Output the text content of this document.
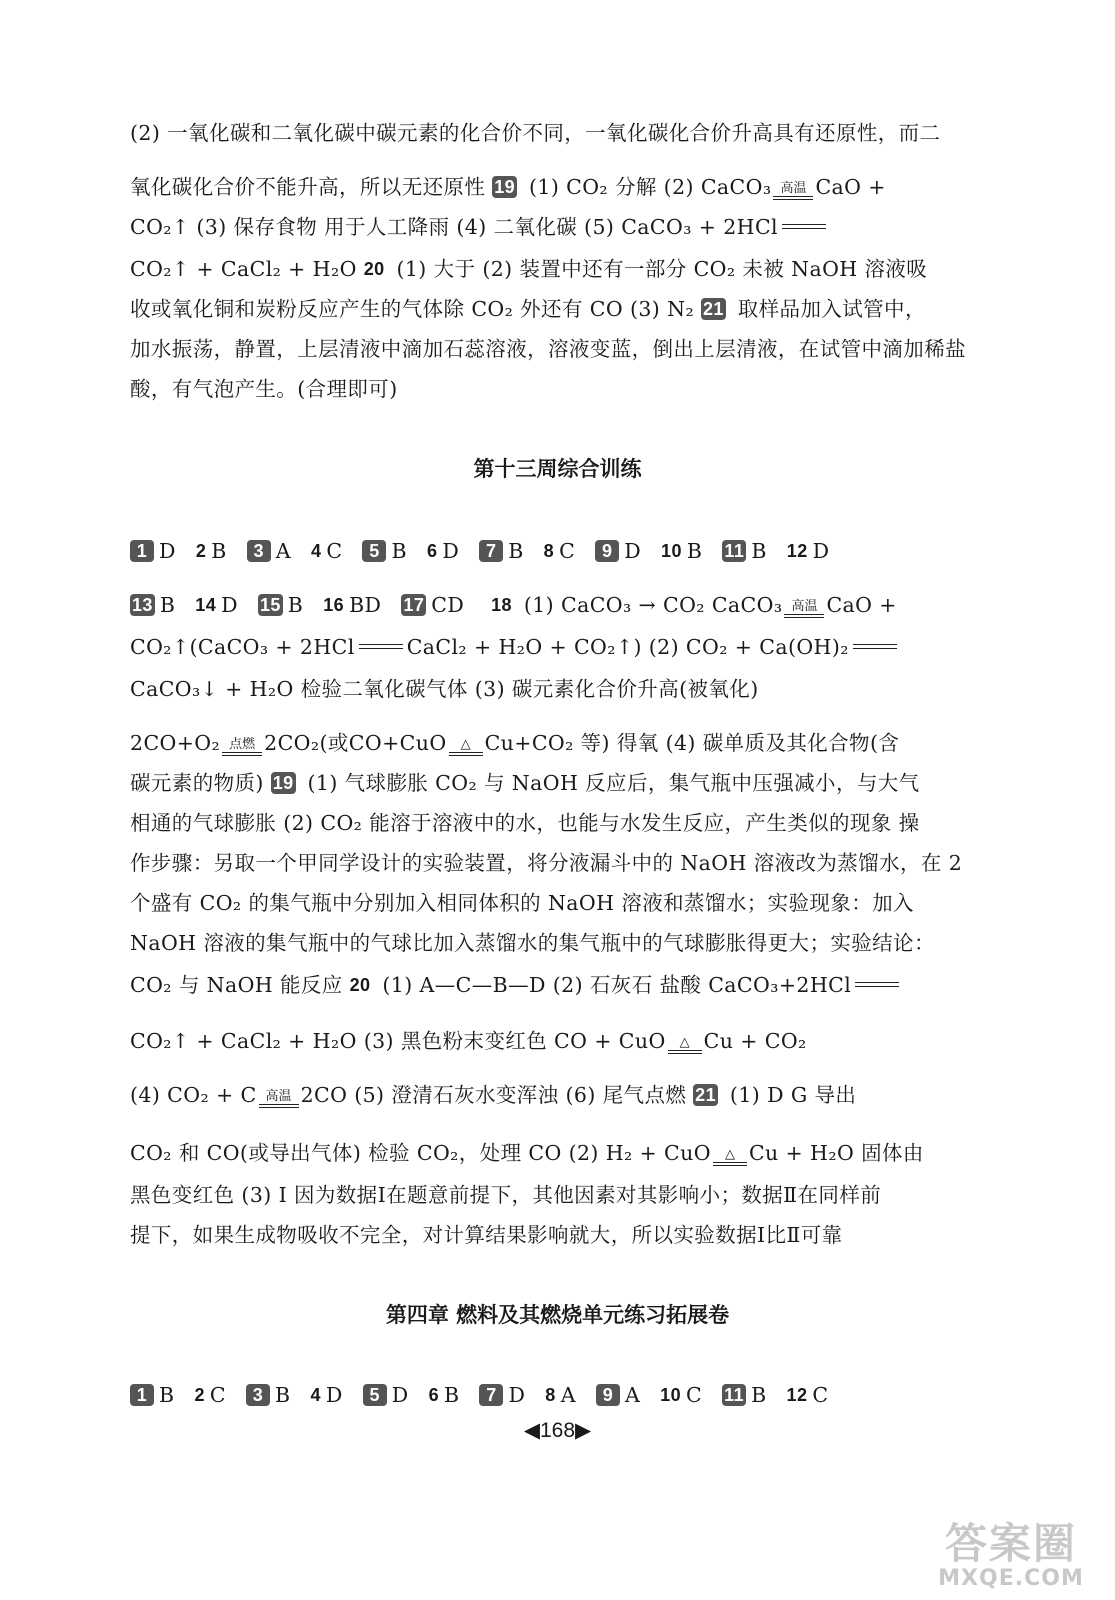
(2) 一氧化碳和二氧化碳中碳元素的化合价不同，一氧化碳化合价升高具有还原性，而二
氧化碳化合价不能升高，所以无还原性 19 (1) CO₂ 分解 (2) CaCO₃ 高温 CaO +
CO₂↑ (3) 保存食物 用于人工降雨 (4) 二氧化碳 (5) CaCO₃ + 2HCl
CO₂↑ + CaCl₂ + H₂O 20 (1) 大于 (2) 装置中还有一部分 CO₂ 未被 NaOH 溶液吸
收或氧化铜和炭粉反应产生的气体除 CO₂ 外还有 CO (3) N₂ 21 取样品加入试管中，
加水振荡，静置，上层清液中滴加石蕊溶液，溶液变蓝，倒出上层清液，在试管中滴加稀盐
酸，有气泡产生。(合理即可)
第十三周综合训练
1 D 2 B 3 A 4 C 5 B 6 D 7 B 8 C 9 D 10 B 11 B 12 D
13 B 14 D 15 B 16 BD 17 CD 18 (1) CaCO₃ → CO₂ CaCO₃ 高温 CaO +
CO₂↑(CaCO₃ + 2HCl	CaCl₂ + H₂O + CO₂↑) (2) CO₂ + Ca(OH)₂
CaCO₃↓ + H₂O 检验二氧化碳气体 (3) 碳元素化合价升高(被氧化)
2CO+O₂ 点燃 2CO₂(或CO+CuO △ Cu+CO₂ 等) 得氧 (4) 碳单质及其化合物(含
碳元素的物质) 19 (1) 气球膨胀 CO₂ 与 NaOH 反应后，集气瓶中压强减小，与大气
相通的气球膨胀 (2) CO₂ 能溶于溶液中的水，也能与水发生反应，产生类似的现象 操
作步骤：另取一个甲同学设计的实验装置，将分液漏斗中的 NaOH 溶液改为蒸馏水，在 2
个盛有 CO₂ 的集气瓶中分别加入相同体积的 NaOH 溶液和蒸馏水；实验现象：加入
NaOH 溶液的集气瓶中的气球比加入蒸馏水的集气瓶中的气球膨胀得更大；实验结论：
CO₂ 与 NaOH 能反应 20 (1) A—C—B—D (2) 石灰石 盐酸 CaCO₃+2HCl
CO₂↑ + CaCl₂ + H₂O (3) 黑色粉末变红色 CO + CuO △ Cu + CO₂
(4) CO₂ + C 高温 2CO (5) 澄清石灰水变浑浊 (6) 尾气点燃 21 (1) D G 导出
CO₂ 和 CO(或导出气体) 检验 CO₂，处理 CO (2) H₂ + CuO △ Cu + H₂O 固体由
黑色变红色 (3) Ⅰ 因为数据Ⅰ在题意前提下，其他因素对其影响小；数据Ⅱ在同样前
提下，如果生成物吸收不完全，对计算结果影响就大，所以实验数据Ⅰ比Ⅱ可靠
第四章 燃料及其燃烧单元练习拓展卷
1 B 2 C 3 B 4 D 5 D 6 B 7 D 8 A 9 A 10 C 11 B 12 C
◀168▶
答案圈
MXQE.COM
